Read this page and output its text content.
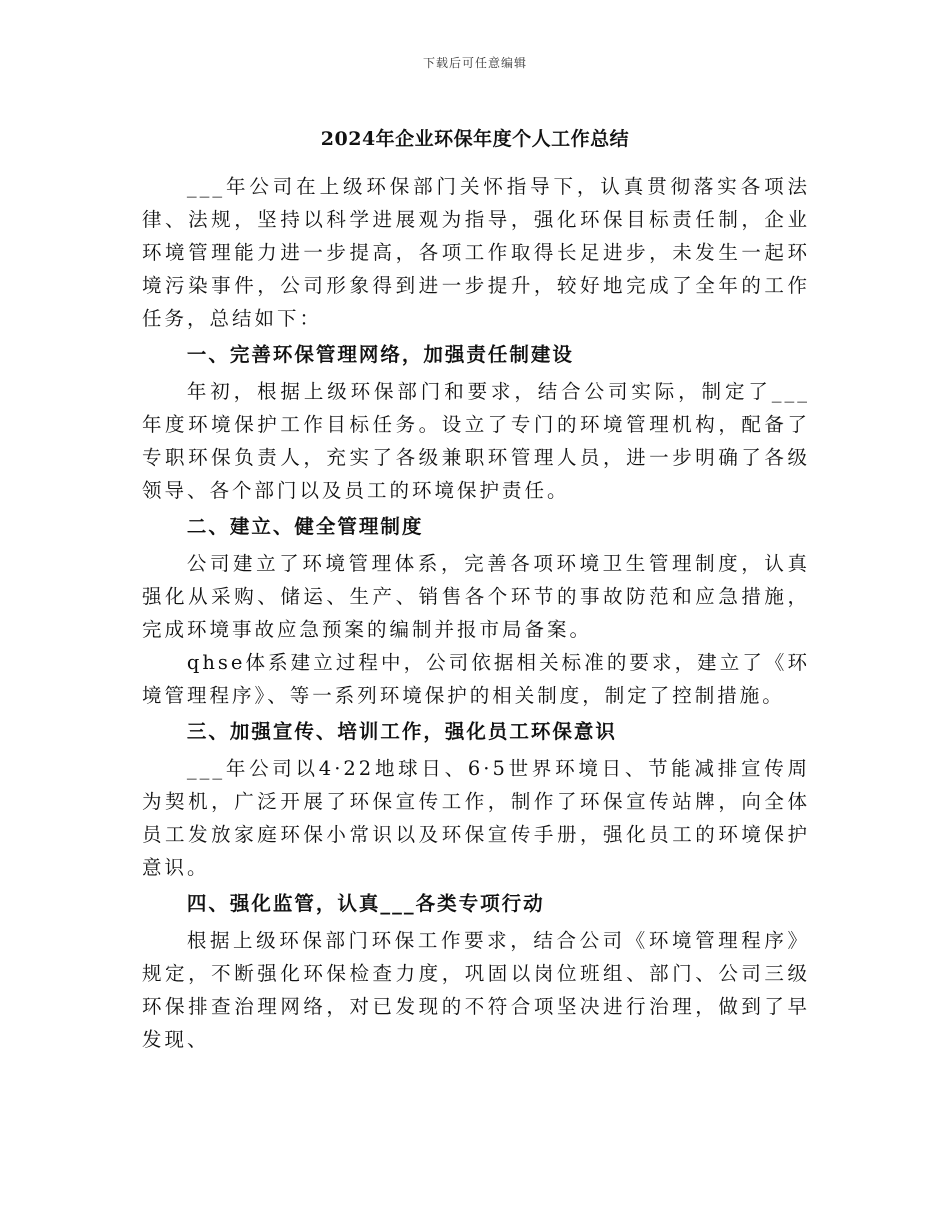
下载后可任意编辑
2024年企业环保年度个人工作总结

___年公司在上级环保部门关怀指导下，认真贯彻落实各项法律、法规，坚持以科学进展观为指导，强化环保目标责任制，企业环境管理能力进一步提高，各项工作取得长足进步，未发生一起环境污染事件，公司形象得到进一步提升，较好地完成了全年的工作任务，总结如下：

一、完善环保管理网络，加强责任制建设

年初，根据上级环保部门和要求，结合公司实际，制定了___年度环境保护工作目标任务。设立了专门的环境管理机构，配备了专职环保负责人，充实了各级兼职环管理人员，进一步明确了各级领导、各个部门以及员工的环境保护责任。

二、建立、健全管理制度

公司建立了环境管理体系，完善各项环境卫生管理制度，认真强化从采购、储运、生产、销售各个环节的事故防范和应急措施，完成环境事故应急预案的编制并报市局备案。

qhse体系建立过程中，公司依据相关标准的要求，建立了《环境管理程序》、等一系列环境保护的相关制度，制定了控制措施。

三、加强宣传、培训工作，强化员工环保意识

___年公司以4·22地球日、6·5世界环境日、节能减排宣传周为契机，广泛开展了环保宣传工作，制作了环保宣传站牌，向全体员工发放家庭环保小常识以及环保宣传手册，强化员工的环境保护意识。

四、强化监管，认真___各类专项行动

根据上级环保部门环保工作要求，结合公司《环境管理程序》规定，不断强化环保检查力度，巩固以岗位班组、部门、公司三级环保排查治理网络，对已发现的不符合项坚决进行治理，做到了早发现、
